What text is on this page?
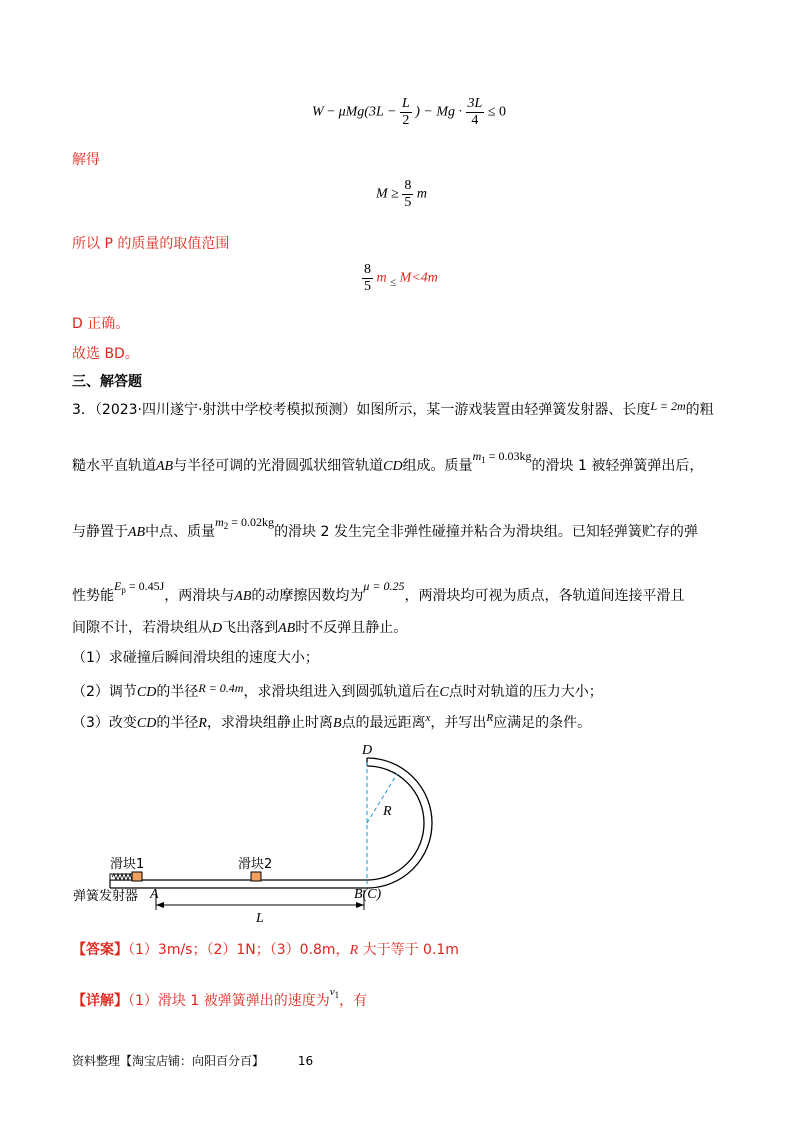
$W - \mu Mg(3L - \frac{L}{2}$ ) − $Mg \cdot \frac{3L}{4} \le 0$
解得
$M \ge \frac{8}{5}$ m
所以 P 的质量的取值范围
$\frac{8}{5}$ m $_\le$ M<4m
D 正确。
故选 BD。
三、解答题
3．（2023·四川遂宁·射洪中学校考模拟预测）如图所示，某一游戏装置由轻弹簧发射器、长度L = 2m的粗
糙水平直轨道AB与半径可调的光滑圆弧状细管轨道CD组成。质量$m_1 = 0.03kg$的滑块 1 被轻弹簧弹出后，
与静置于AB中点、质量$m_2 = 0.02kg$的滑块 2 发生完全非弹性碰撞并粘合为滑块组。已知轻弹簧贮存的弹
性势能$E_p = 0.45J$，两滑块与AB的动摩擦因数均为μ = 0.25，两滑块均可视为质点，各轨道间连接平滑且
间隙不计，若滑块组从D飞出落到AB时不反弹且静止。
（1）求碰撞后瞬间滑块组的速度大小；
（2）调节CD的半径R = 0.4m，求滑块组进入到圆弧轨道后在C点时对轨道的压力大小；
（3）改变CD的半径R，求滑块组静止时离B点的最远距离$^x$，并写出$^R$应满足的条件。
D
R
滑块1	滑块2
弹簧发射器 A	B(C)
L
【答案】（1）3m/s；（2）1N；（3）0.8m，R 大于等于 0.1m
【详解】（1）滑块 1 被弹簧弹出的速度为$^{v_1}$，有
资料整理【淘宝店铺：向阳百分百】	16
